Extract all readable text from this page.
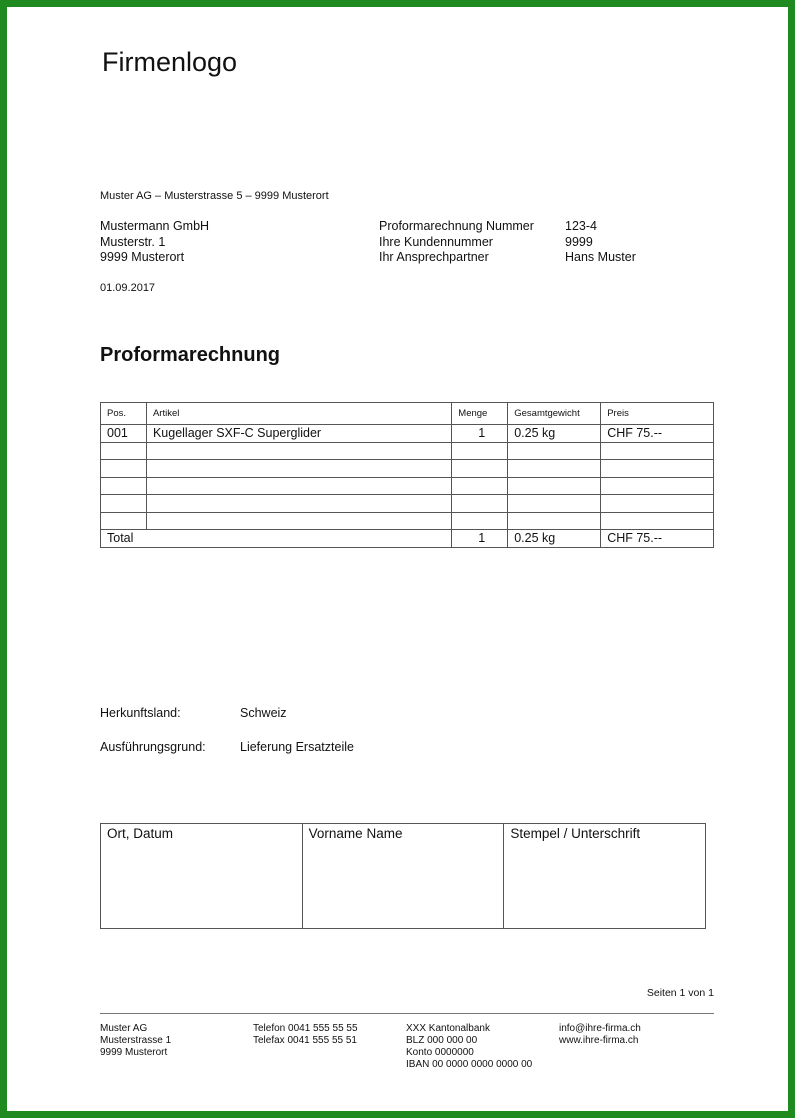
Firmenlogo
Muster AG – Musterstrasse 5 – 9999 Musterort
Mustermann GmbH
Musterstr. 1
9999 Musterort
Proformarechnung Nummer	123-4
Ihre Kundennummer	9999
Ihr Ansprechpartner	Hans Muster
01.09.2017
Proformarechnung
Pos.	Artikel	Menge	Gesamtgewicht	Preis
001	Kugellager SXF-C Superglider	1	0.25 kg	CHF 75.--

Total		1	0.25 kg	CHF 75.--
Herkunftsland:	Schweiz
Ausführungsgrund:	Lieferung Ersatzteile
Ort, Datum	Vorname Name	Stempel / Unterschrift
Seiten 1 von 1
Muster AG
Musterstrasse 1
9999 Musterort
Telefon 0041 555 55 55
Telefax 0041 555 55 51
XXX Kantonalbank
BLZ 000 000 00
Konto 0000000
IBAN 00 0000 0000 0000 00
info@ihre-firma.ch
www.ihre-firma.ch
